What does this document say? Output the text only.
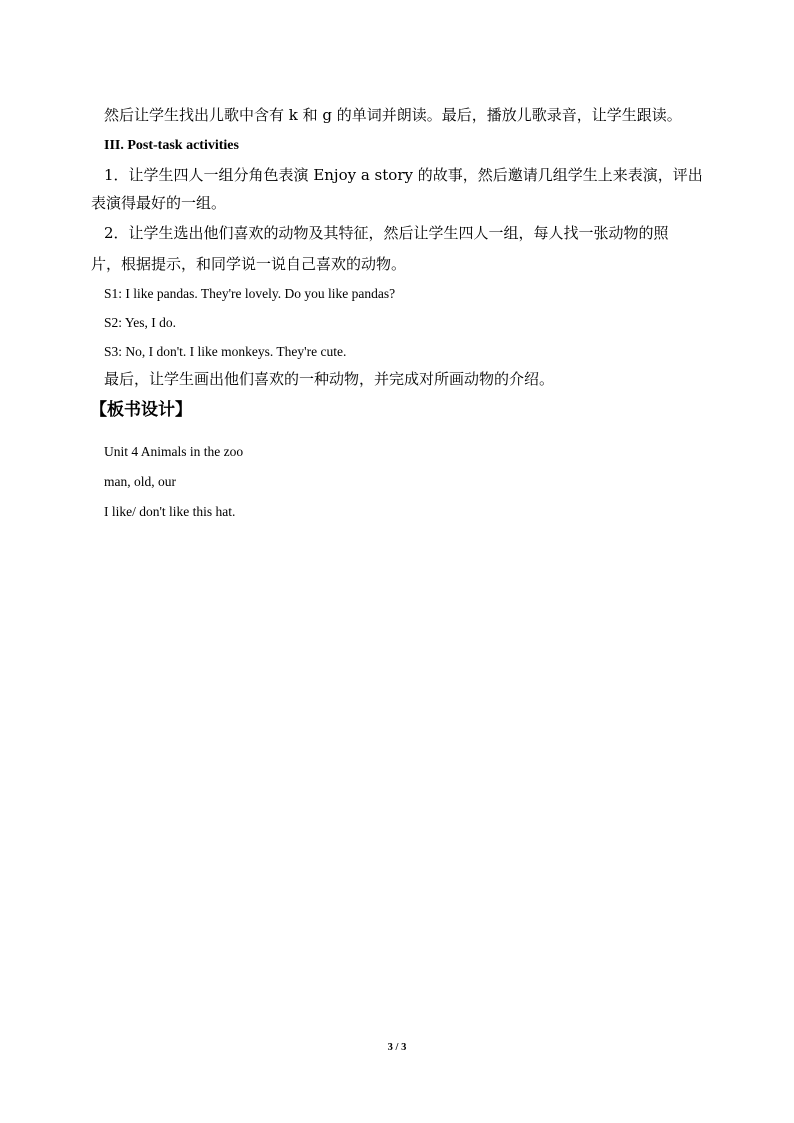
然后让学生找出儿歌中含有 k 和 g 的单词并朗读。最后，播放儿歌录音，让学生跟读。
III. Post-task activities
1．让学生四人一组分角色表演 Enjoy a story 的故事，然后邀请几组学生上来表演，评出
表演得最好的一组。
2．让学生选出他们喜欢的动物及其特征，然后让学生四人一组，每人找一张动物的照
片，根据提示，和同学说一说自己喜欢的动物。
S1: I like pandas. They're lovely. Do you like pandas?
S2: Yes, I do.
S3: No, I don't. I like monkeys. They're cute.
最后，让学生画出他们喜欢的一种动物，并完成对所画动物的介绍。
【板书设计】
Unit 4 Animals in the zoo
man, old, our
I like/ don't like this hat.
3 / 3
